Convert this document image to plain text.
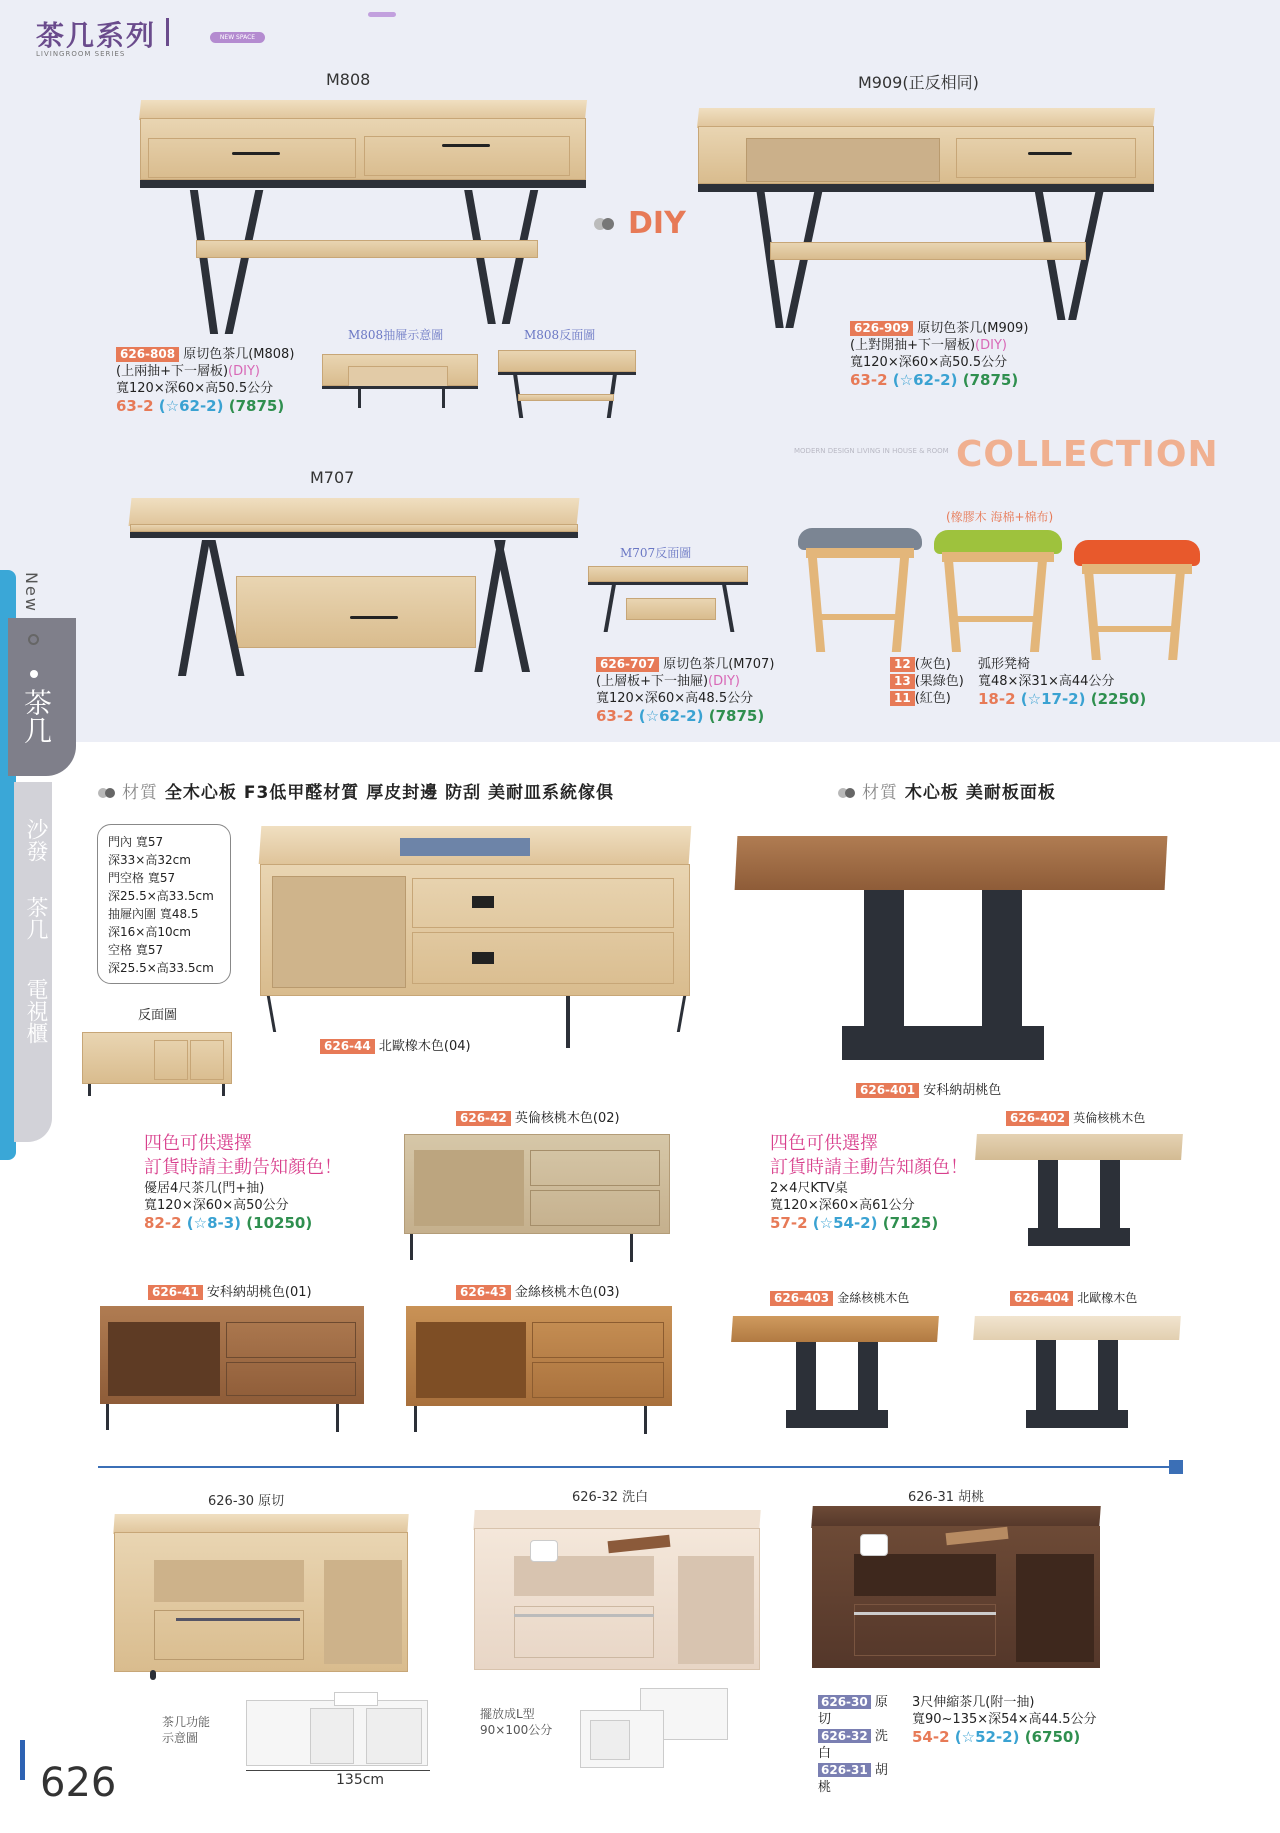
茶几系列
LIVINGROOM SERIES
NEW SPACE
New
茶几
沙發
茶几
電視櫃
M808
M808抽屜示意圖	M808反面圖
626-808 原切色茶几(M808)
(上兩抽+下一層板)(DIY)
寬120×深60×高50.5公分
63-2 (☆62-2) (7875)
DIY
M909(正反相同)
626-909 原切色茶几(M909)
(上對開抽+下一層板)(DIY)
寬120×深60×高50.5公分
63-2 (☆62-2) (7875)
MODERN DESIGN LIVING IN HOUSE & ROOM COLLECTION
M707
M707反面圖
626-707 原切色茶几(M707)
(上層板+下一抽屜)(DIY)
寬120×深60×高48.5公分
63-2 (☆62-2) (7875)
(橡膠木 海棉+棉布)
12 (灰色)
13 (果綠色)
11 (紅色)
弧形凳椅
寬48×深31×高44公分
18-2 (☆17-2) (2250)
材質 全木心板 F3低甲醛材質 厚皮封邊 防刮 美耐皿系統傢俱
門內 寬57
深33×高32cm
門空格 寬57
深25.5×高33.5cm
抽屜內圍 寬48.5
深16×高10cm
空格 寬57
深25.5×高33.5cm
反面圖
626-44 北歐橡木色(04)
四色可供選擇
訂貨時請主動告知顏色！
優居4尺茶几(門+抽)
寬120×深60×高50公分
82-2 (☆8-3) (10250)
626-42 英倫核桃木色(02)
626-41 安科納胡桃色(01)	626-43 金絲核桃木色(03)
材質 木心板 美耐板面板
626-401 安科納胡桃色
四色可供選擇
訂貨時請主動告知顏色！
2×4尺KTV桌
寬120×深60×高61公分
57-2 (☆54-2) (7125)
626-402 英倫核桃木色
626-403 金絲核桃木色	626-404 北歐橡木色
626-30 原切	626-32 洗白	626-31 胡桃
茶几功能
示意圖
135cm
擺放成L型
90×100公分
626-30 原切
626-32 洗白
626-31 胡桃
3尺伸縮茶几(附一抽)
寬90~135×深54×高44.5公分
54-2 (☆52-2) (6750)
626
